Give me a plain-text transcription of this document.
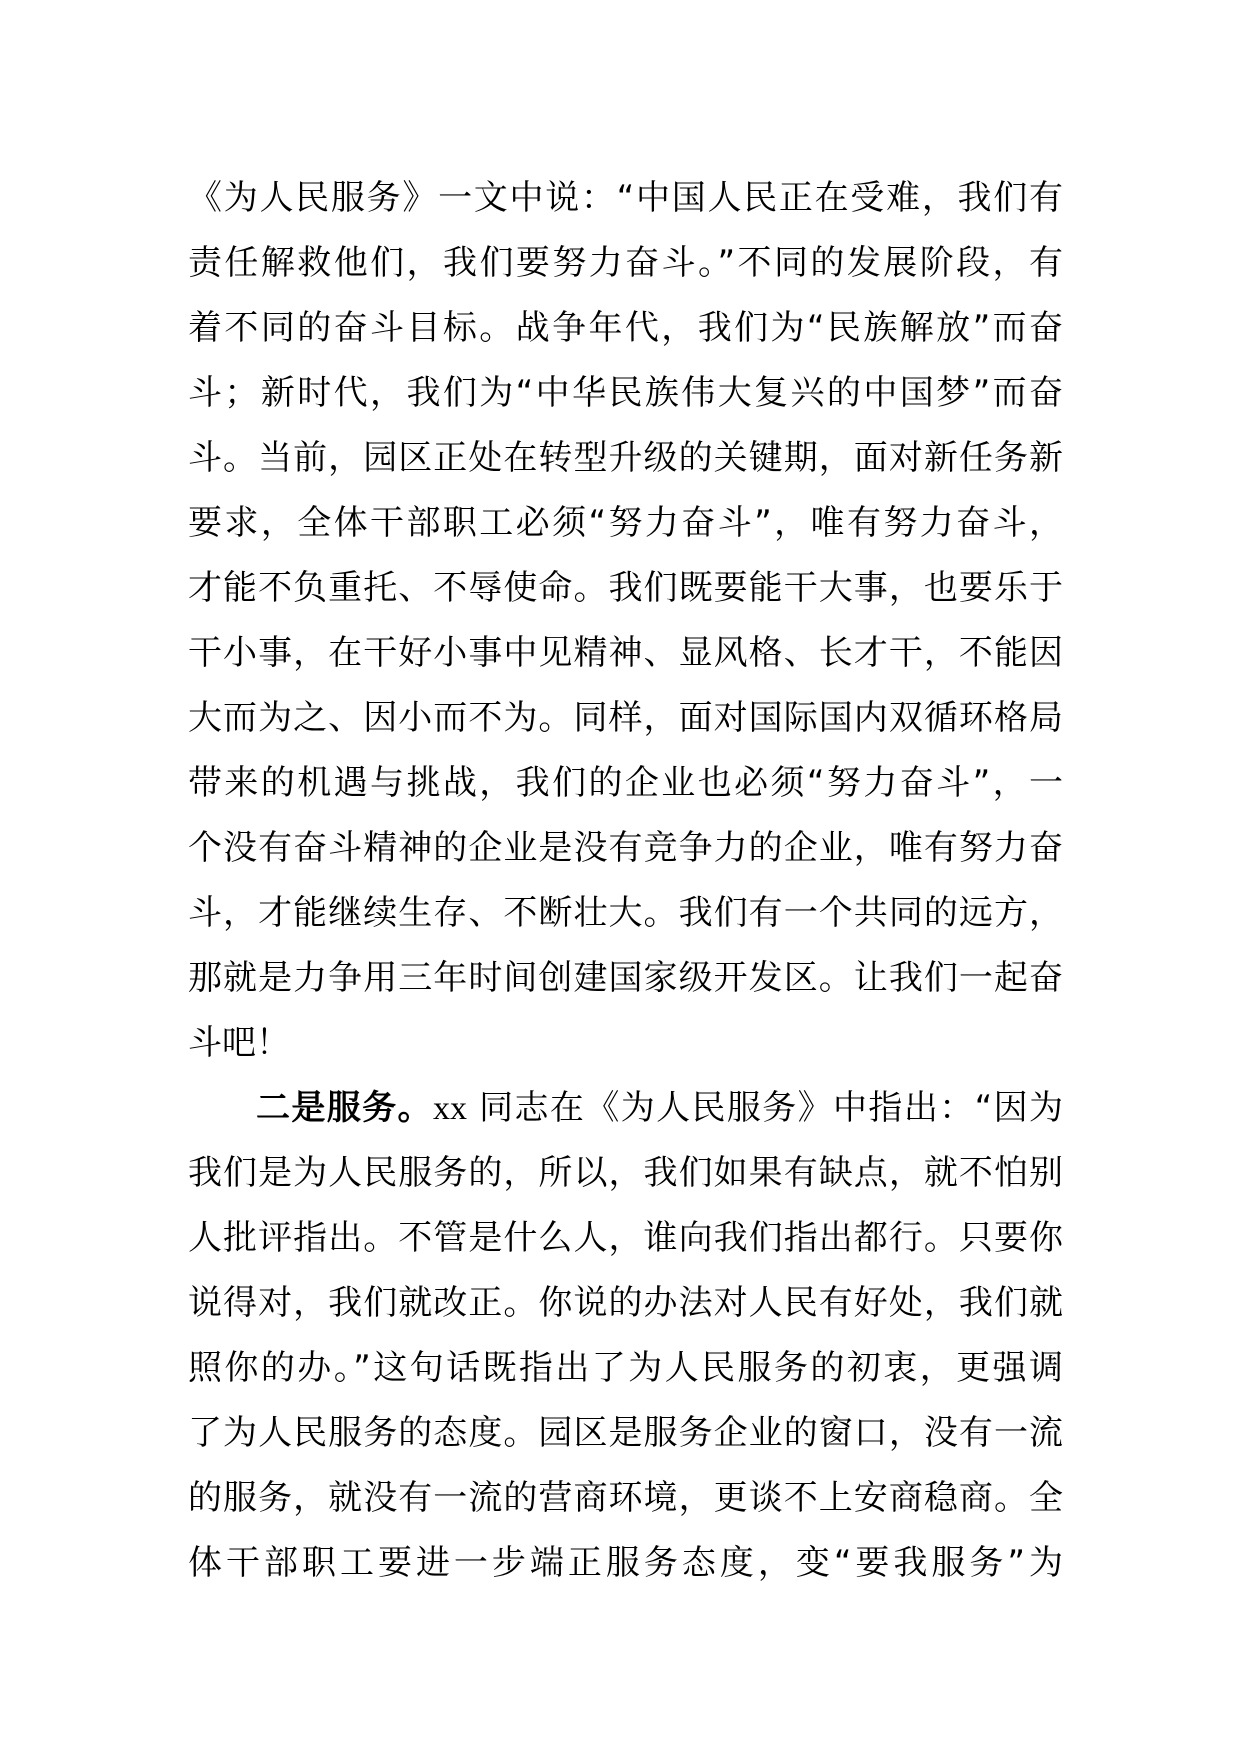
《为人民服务》一文中说：“中国人民正在受难，我们有
责任解救他们，我们要努力奋斗。”不同的发展阶段，有
着不同的奋斗目标。战争年代，我们为“民族解放”而奋
斗；新时代，我们为“中华民族伟大复兴的中国梦”而奋
斗。当前，园区正处在转型升级的关键期，面对新任务新
要求，全体干部职工必须“努力奋斗”，唯有努力奋斗，
才能不负重托、不辱使命。我们既要能干大事，也要乐于
干小事，在干好小事中见精神、显风格、长才干，不能因
大而为之、因小而不为。同样，面对国际国内双循环格局
带来的机遇与挑战，我们的企业也必须“努力奋斗”，一
个没有奋斗精神的企业是没有竞争力的企业，唯有努力奋
斗，才能继续生存、不断壮大。我们有一个共同的远方，
那就是力争用三年时间创建国家级开发区。让我们一起奋
斗吧！
二是服务。xx 同志在《为人民服务》中指出：“因为
我们是为人民服务的，所以，我们如果有缺点，就不怕别
人批评指出。不管是什么人，谁向我们指出都行。只要你
说得对，我们就改正。你说的办法对人民有好处，我们就
照你的办。”这句话既指出了为人民服务的初衷，更强调
了为人民服务的态度。园区是服务企业的窗口，没有一流
的服务，就没有一流的营商环境，更谈不上安商稳商。全
体干部职工要进一步端正服务态度，变“要我服务”为
